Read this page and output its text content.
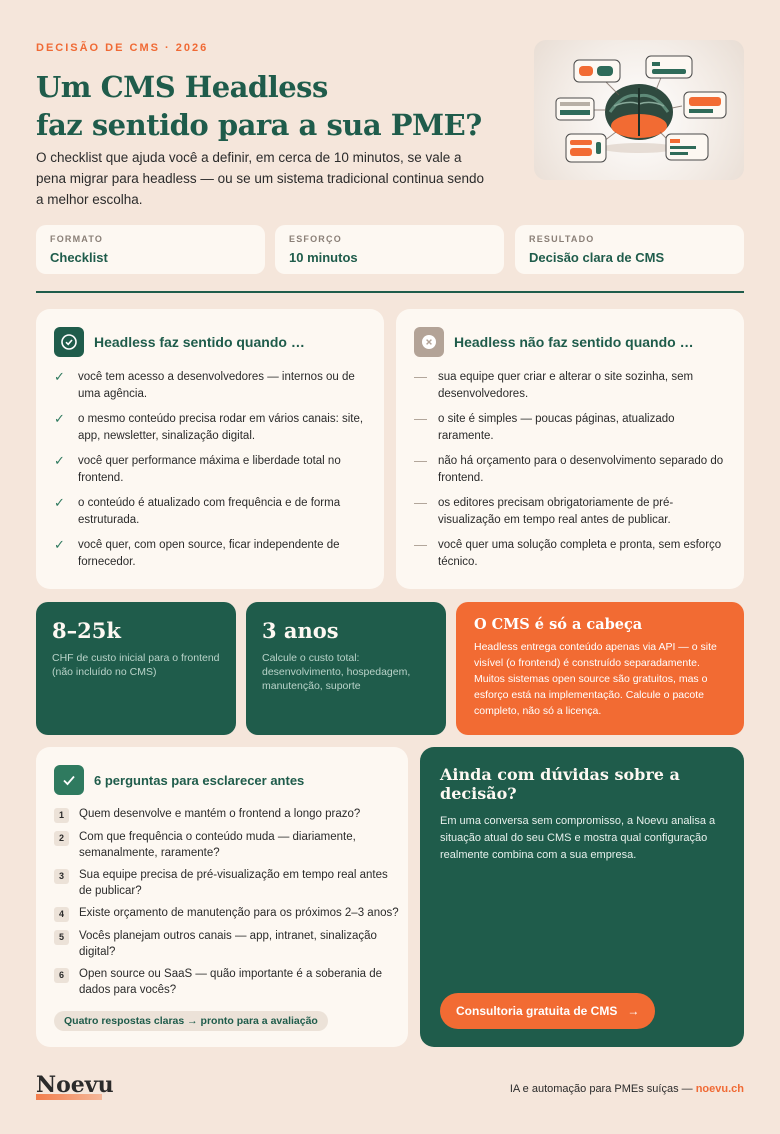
DECISÃO DE CMS · 2026
Um CMS Headless
faz sentido para a sua PME?

O checklist que ajuda você a definir, em cerca de 10 minutos, se vale a pena migrar para headless — ou se um sistema tradicional continua sendo a melhor escolha.

FORMATO
Checklist
ESFORÇO
10 minutos
RESULTADO
Decisão clara de CMS
Headless faz sentido quando …
✓	você tem acesso a desenvolvedores — internos ou de uma agência.
✓	o mesmo conteúdo precisa rodar em vários canais: site, app, newsletter, sinalização digital.
✓	você quer performance máxima e liberdade total no frontend.
✓	o conteúdo é atualizado com frequência e de forma estruturada.
✓	você quer, com open source, ficar independente de fornecedor.
Headless não faz sentido quando …
— sua equipe quer criar e alterar o site sozinha, sem desenvolvedores.
— o site é simples — poucas páginas, atualizado raramente.
— não há orçamento para o desenvolvimento separado do frontend.
— os editores precisam obrigatoriamente de pré-visualização em tempo real antes de publicar.
— você quer uma solução completa e pronta, sem esforço técnico.
8–25k
CHF de custo inicial para o frontend (não incluído no CMS)
3 anos
Calcule o custo total: desenvolvimento, hospedagem, manutenção, suporte
O CMS é só a cabeça
Headless entrega conteúdo apenas via API — o site visível (o frontend) é construído separadamente. Muitos sistemas open source são gratuitos, mas o esforço está na implementação. Calcule o pacote completo, não só a licença.
6 perguntas para esclarecer antes
1	Quem desenvolve e mantém o frontend a longo prazo?
2	Com que frequência o conteúdo muda — diariamente, semanalmente, raramente?
3	Sua equipe precisa de pré-visualização em tempo real antes de publicar?
4	Existe orçamento de manutenção para os próximos 2–3 anos?
5	Vocês planejam outros canais — app, intranet, sinalização digital?
6	Open source ou SaaS — quão importante é a soberania de dados para vocês?
Quatro respostas claras → pronto para a avaliação
Ainda com dúvidas sobre a decisão?
Em uma conversa sem compromisso, a Noevu analisa a situação atual do seu CMS e mostra qual configuração realmente combina com a sua empresa.
Consultoria gratuita de CMS →
Noevu	IA e automação para PMEs suíças — noevu.ch
